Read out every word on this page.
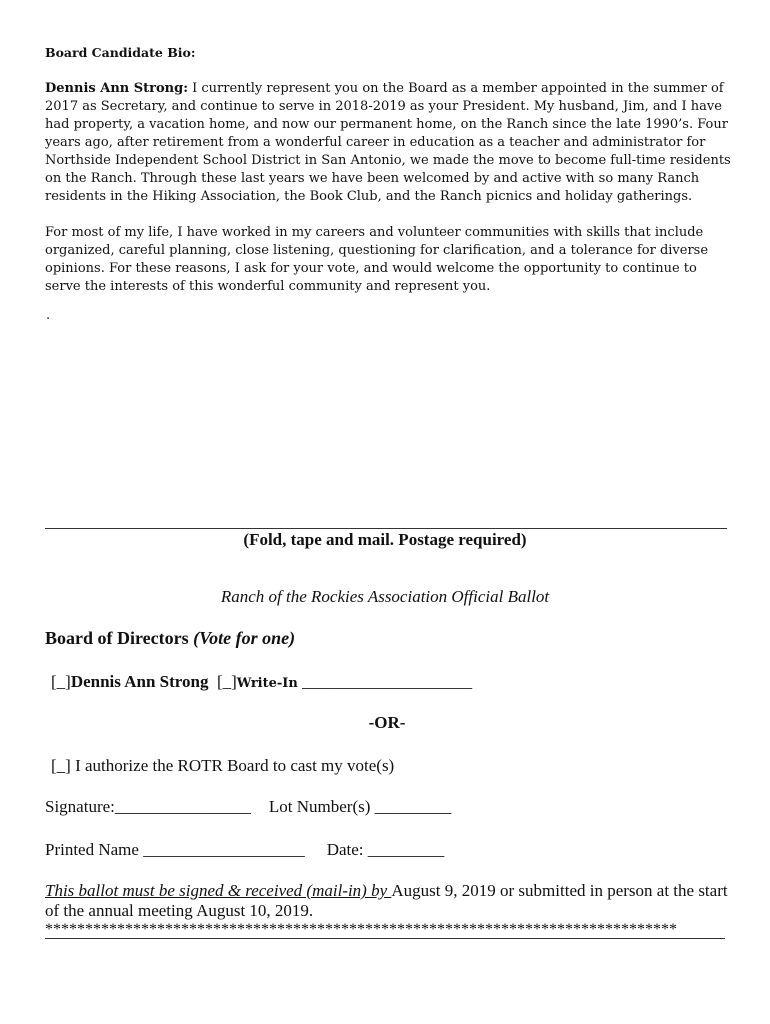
Board Candidate Bio:

Dennis Ann Strong: I currently represent you on the Board as a member appointed in the summer of 2017 as Secretary, and continue to serve in 2018-2019 as your President. My husband, Jim, and I have had property, a vacation home, and now our permanent home, on the Ranch since the late 1990’s. Four years ago, after retirement from a wonderful career in education as a teacher and administrator for Northside Independent School District in San Antonio, we made the move to become full-time residents on the Ranch. Through these last years we have been welcomed by and active with so many Ranch residents in the Hiking Association, the Book Club, and the Ranch picnics and holiday gatherings.

For most of my life, I have worked in my careers and volunteer communities with skills that include organized, careful planning, close listening, questioning for clarification, and a tolerance for diverse opinions. For these reasons, I ask for your vote, and would welcome the opportunity to continue to serve the interests of this wonderful community and represent you.

.
(Fold, tape and mail. Postage required)
Ranch of the Rockies Association Official Ballot
Board of Directors (Vote for one)
[_]Dennis Ann Strong [_]Write-In ____________________
-OR-
[_] I authorize the ROTR Board to cast my vote(s)
Signature:________________ Lot Number(s) _________
Printed Name ___________________ Date: _________
This ballot must be signed & received (mail-in) by August 9, 2019 or submitted in person at the start of the annual meeting August 10, 2019.
*******************************************************************************
